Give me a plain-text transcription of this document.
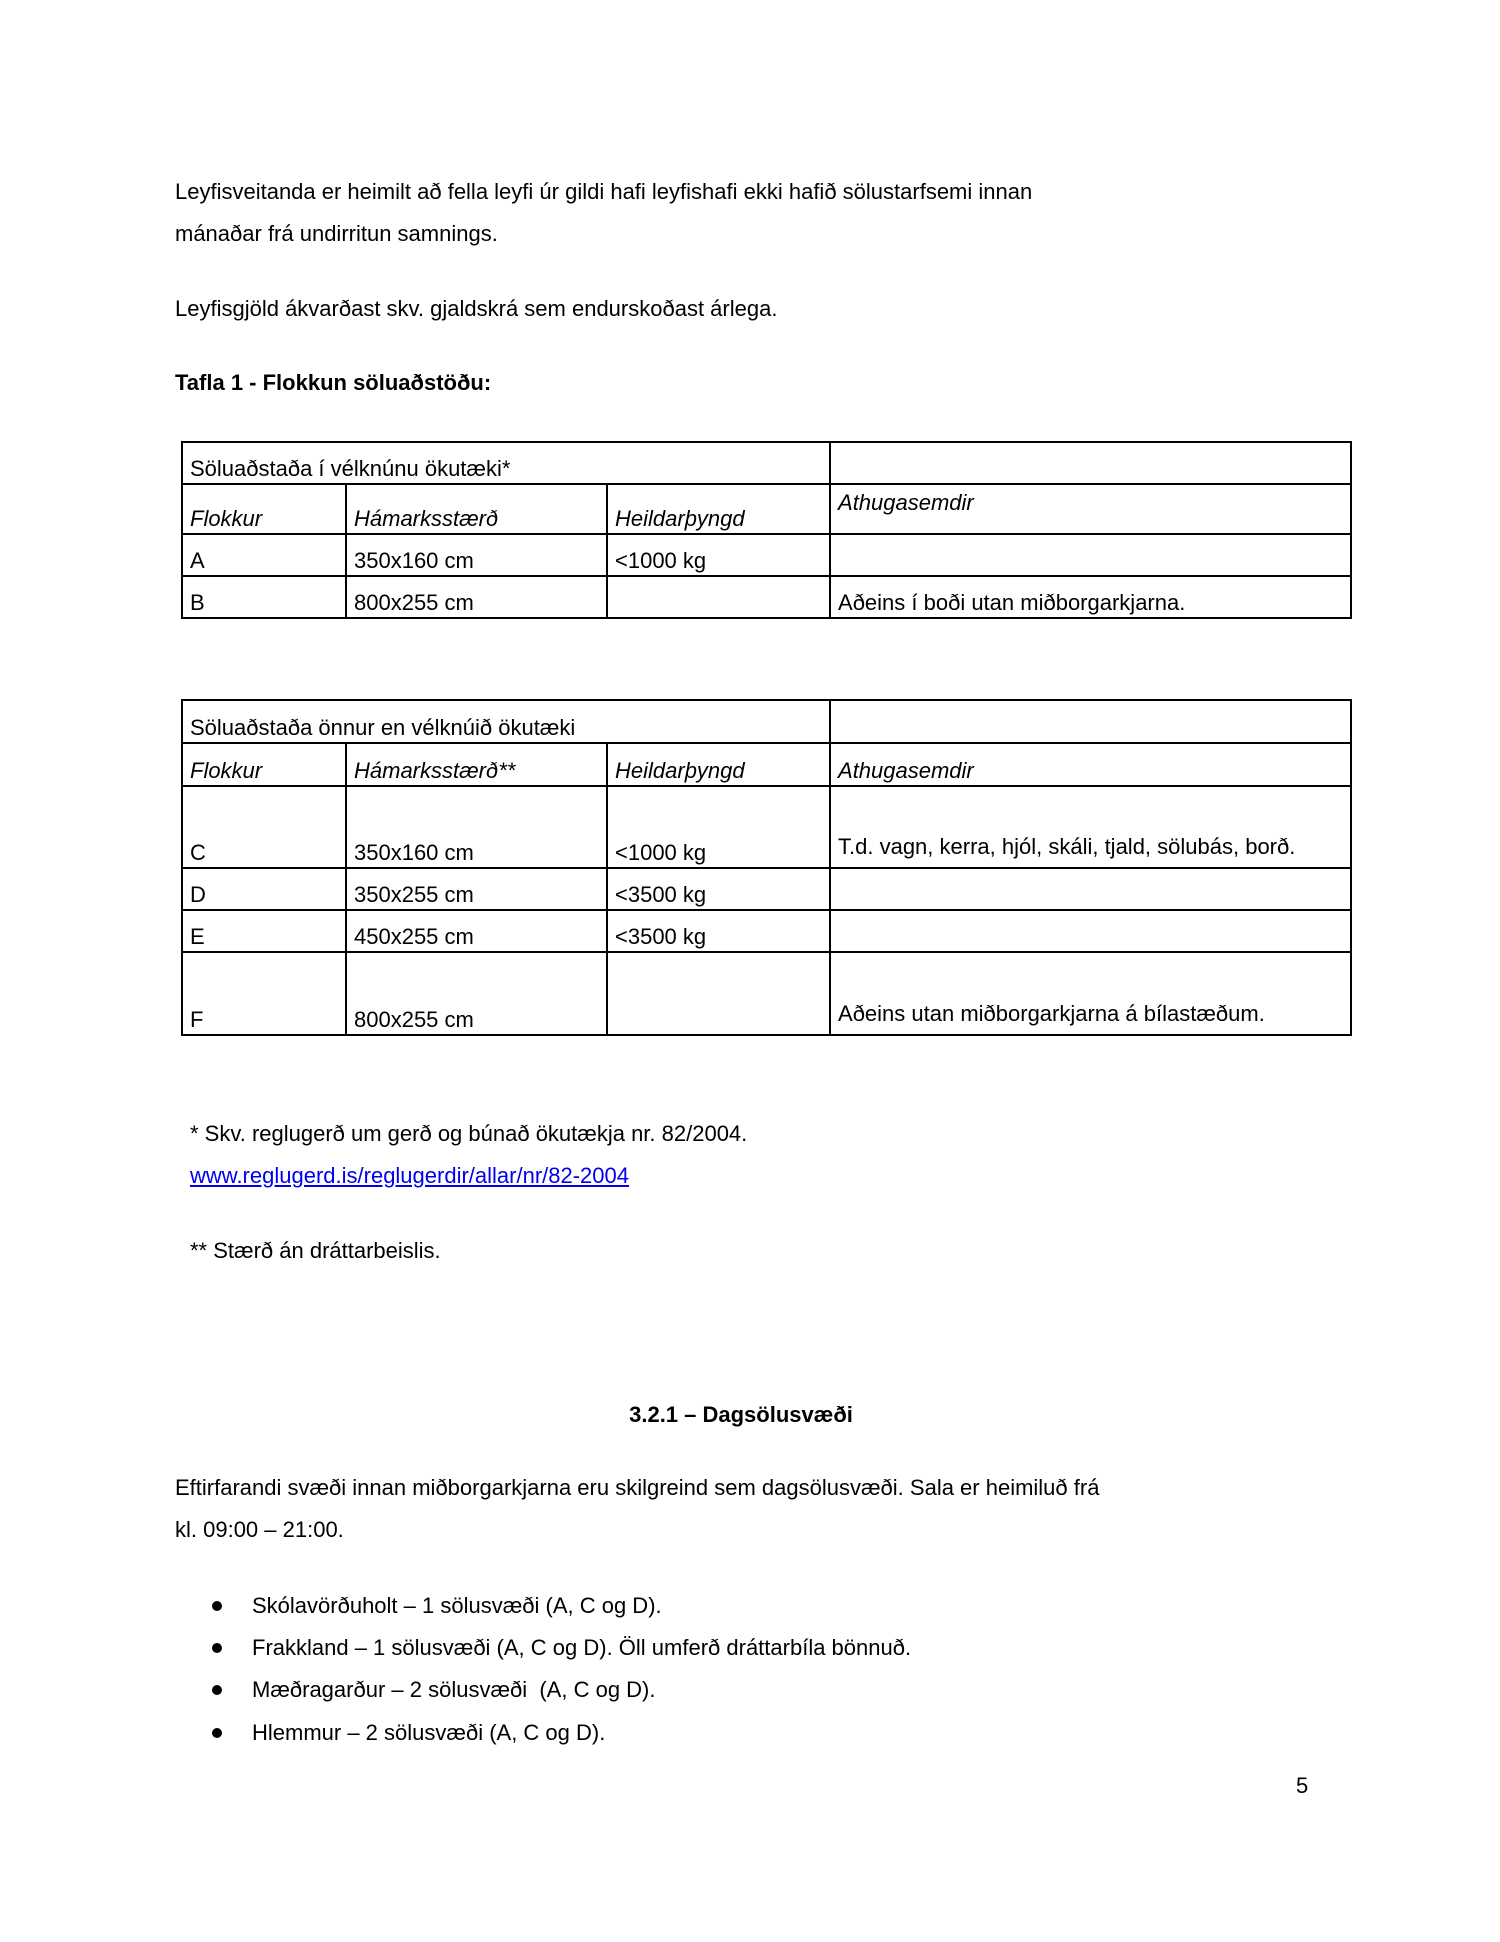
Leyfisveitanda er heimilt að fella leyfi úr gildi hafi leyfishafi ekki hafið sölustarfsemi innan
mánaðar frá undirritun samnings.
Leyfisgjöld ákvarðast skv. gjaldskrá sem endurskoðast árlega.
Tafla 1 - Flokkun söluaðstöðu:
Söluaðstaða í vélknúnu ökutæki*			
Flokkur	Hámarksstærð	Heildarþyngd	Athugasemdir
A	350x160 cm	<1000 kg	
B	800x255 cm		Aðeins í boði utan miðborgarkjarna.
Söluaðstaða önnur en vélknúið ökutæki			
Flokkur	Hámarksstærð**	Heildarþyngd	Athugasemdir
C	350x160 cm	<1000 kg	T.d. vagn, kerra, hjól, skáli, tjald, sölubás, borð.
D	350x255 cm	<3500 kg	
E	450x255 cm	<3500 kg	
F	800x255 cm		Aðeins utan miðborgarkjarna á bílastæðum.
* Skv. reglugerð um gerð og búnað ökutækja nr. 82/2004.
www.reglugerd.is/reglugerdir/allar/nr/82-2004
** Stærð án dráttarbeislis.
3.2.1 – Dagsölusvæði
Eftirfarandi svæði innan miðborgarkjarna eru skilgreind sem dagsölusvæði. Sala er heimiluð frá
kl. 09:00 – 21:00.
Skólavörðuholt – 1 sölusvæði (A, C og D).
Frakkland – 1 sölusvæði (A, C og D). Öll umferð dráttarbíla bönnuð.
Mæðragarður – 2 sölusvæði  (A, C og D).
Hlemmur – 2 sölusvæði (A, C og D).
5
